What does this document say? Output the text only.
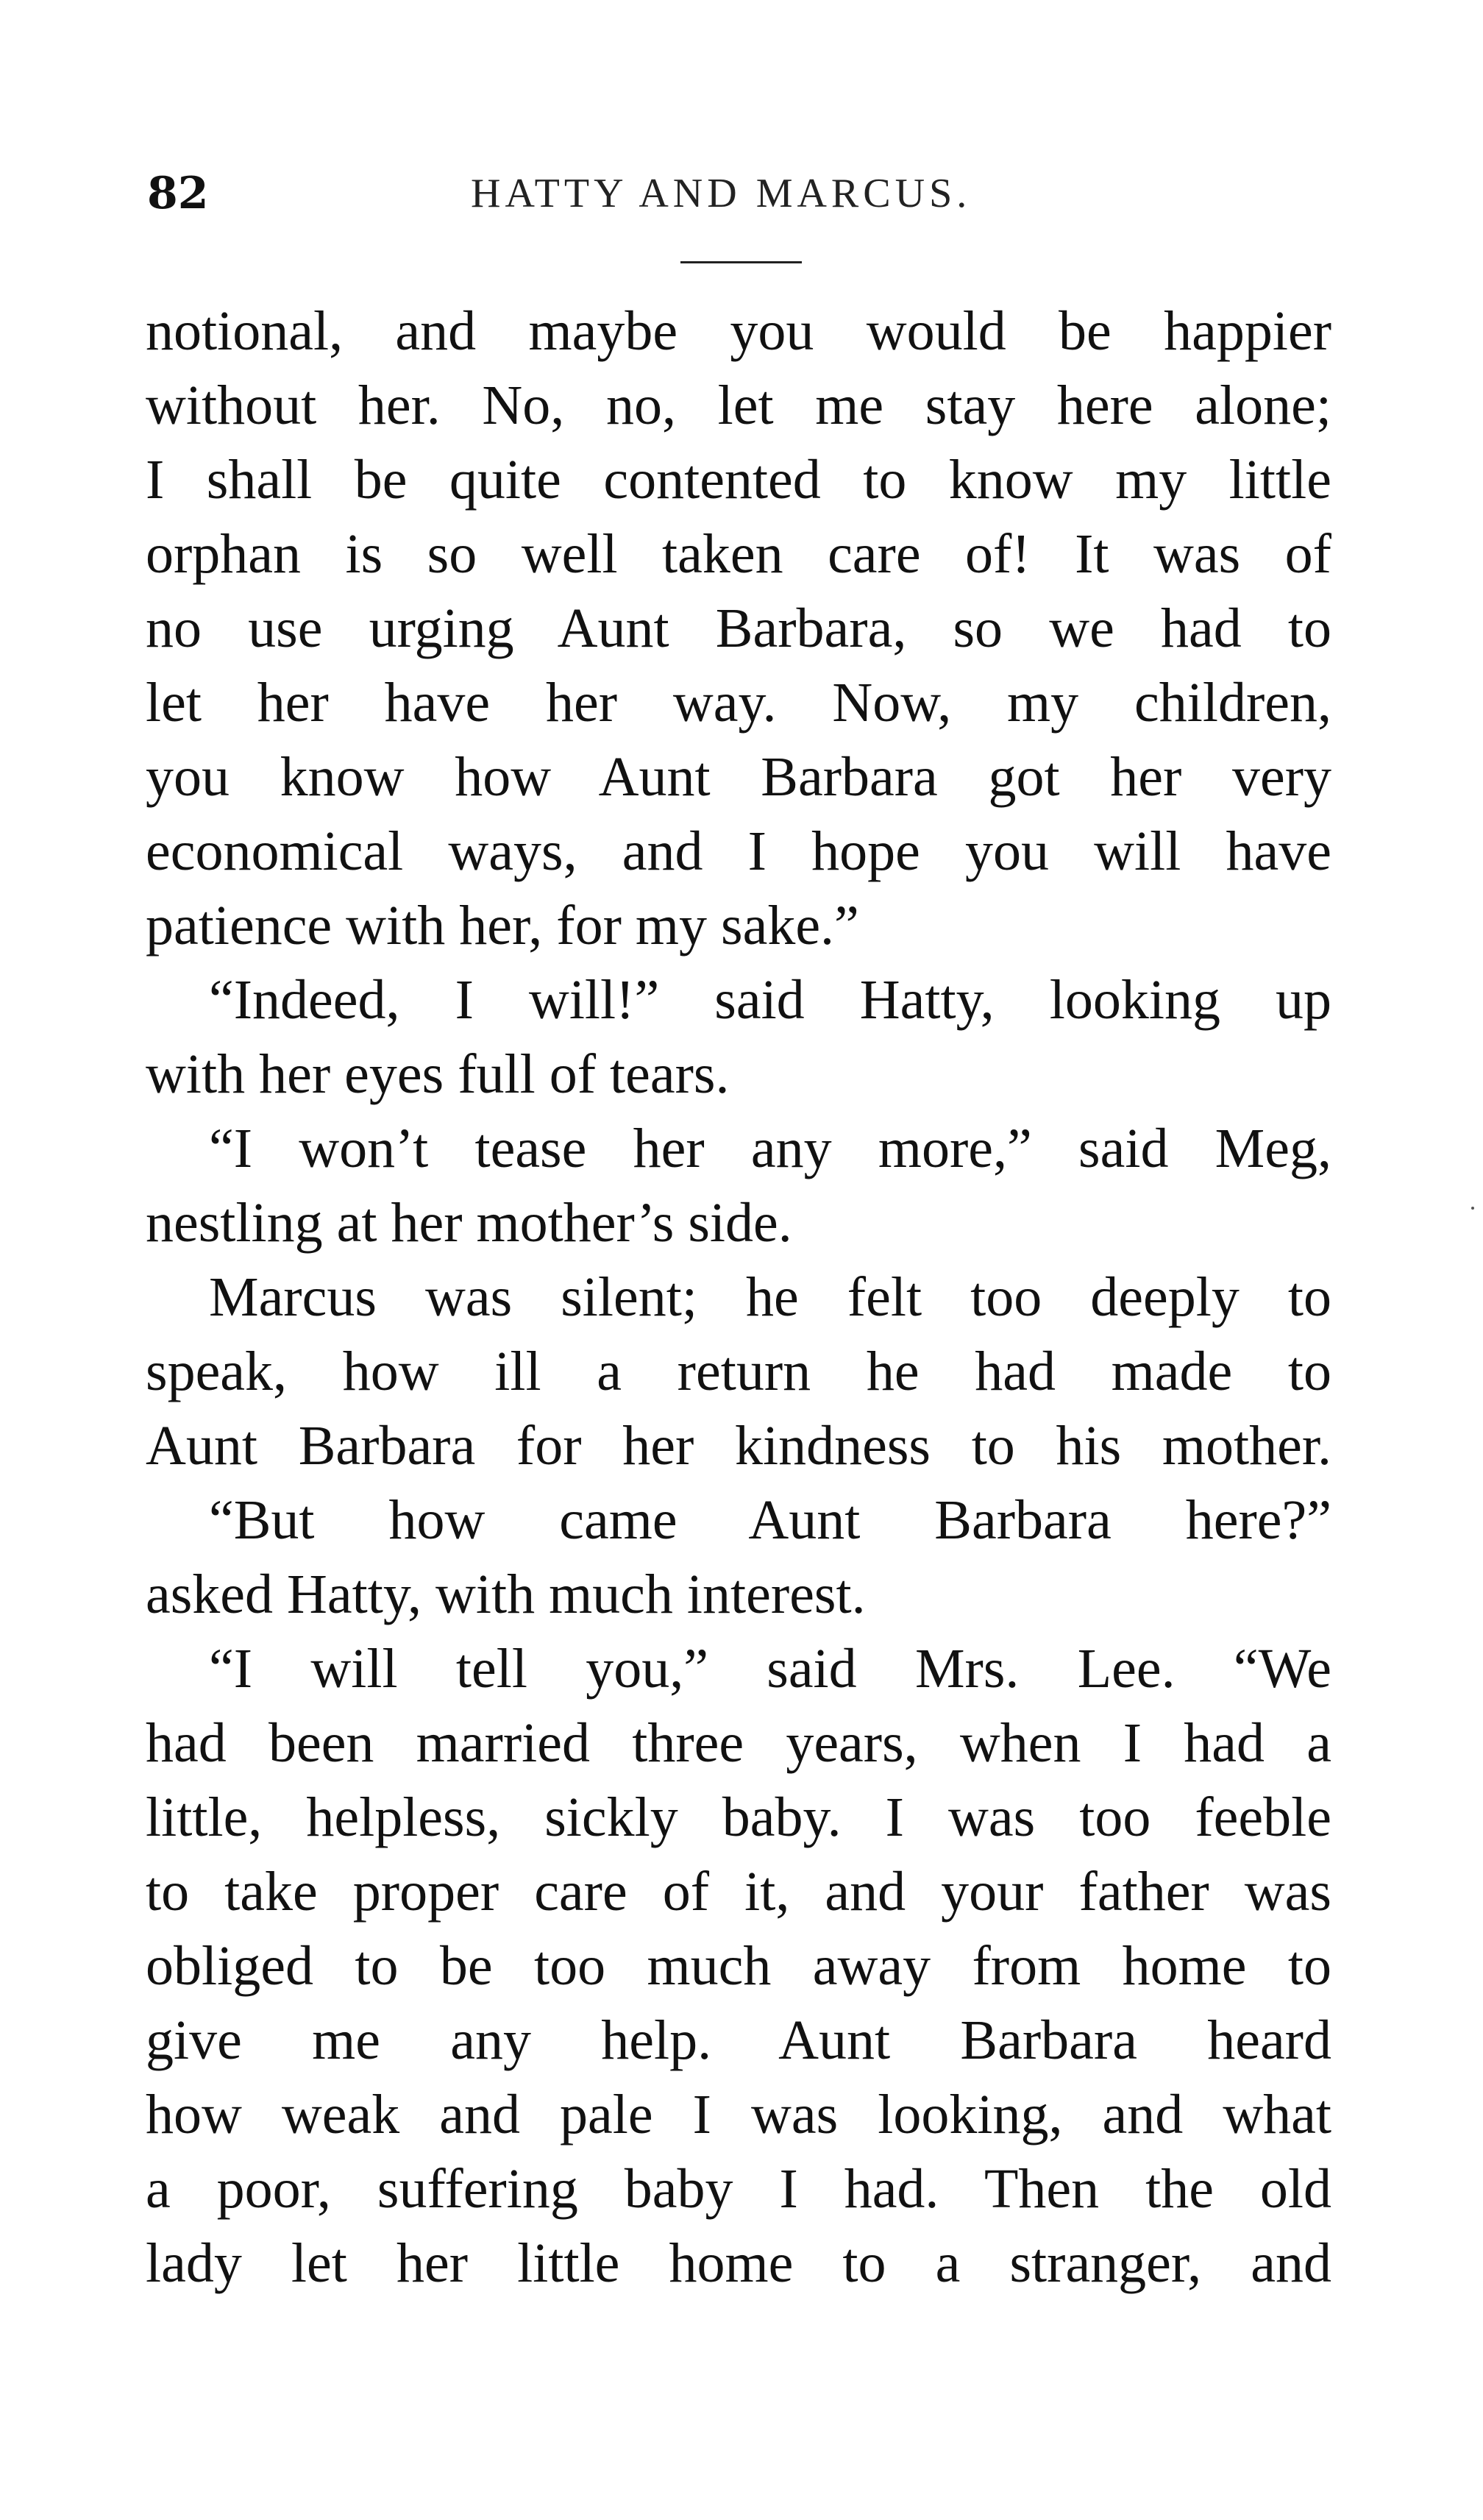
82	HATTY AND MARCUS.
notional, and maybe you would be happier
without her. No, no, let me stay here alone;
I shall be quite contented to know my little
orphan is so well taken care of! It was of
no use urging Aunt Barbara, so we had to
let her have her way. Now, my children,
you know how Aunt Barbara got her very
economical ways, and I hope you will have
patience with her, for my sake.”
“Indeed, I will!” said Hatty, looking up
with her eyes full of tears.
“I won’t tease her any more,” said Meg,
nestling at her mother’s side.
Marcus was silent; he felt too deeply to
speak, how ill a return he had made to
Aunt Barbara for her kindness to his mother.
“But how came Aunt Barbara here?”
asked Hatty, with much interest.
“I will tell you,” said Mrs. Lee. “We
had been married three years, when I had a
little, helpless, sickly baby. I was too feeble
to take proper care of it, and your father was
obliged to be too much away from home to
give me any help. Aunt Barbara heard
how weak and pale I was looking, and what
a poor, suffering baby I had. Then the old
lady let her little home to a stranger, and
